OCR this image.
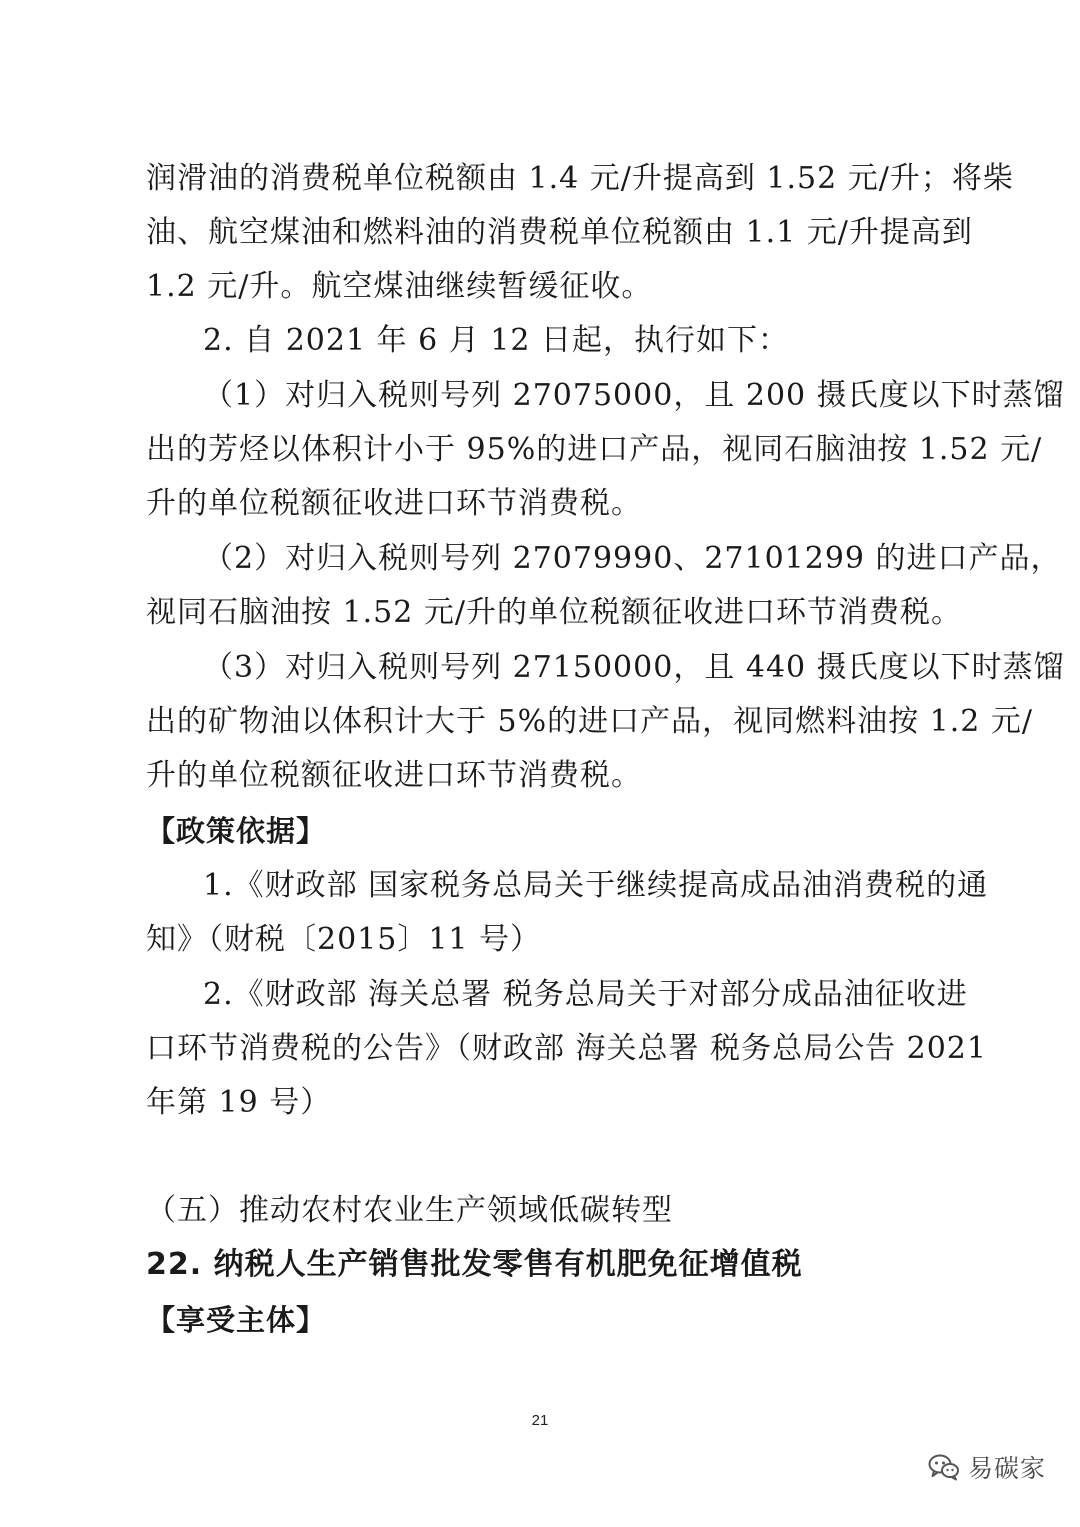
润滑油的消费税单位税额由 1.4 元/升提高到 1.52 元/升；将柴
油、航空煤油和燃料油的消费税单位税额由 1.1 元/升提高到
1.2 元/升。航空煤油继续暂缓征收。
2. 自 2021 年 6 月 12 日起，执行如下：
（1）对归入税则号列 27075000，且 200 摄氏度以下时蒸馏
出的芳烃以体积计小于 95%的进口产品，视同石脑油按 1.52 元/
升的单位税额征收进口环节消费税。
（2）对归入税则号列 27079990、27101299 的进口产品，
视同石脑油按 1.52 元/升的单位税额征收进口环节消费税。
（3）对归入税则号列 27150000，且 440 摄氏度以下时蒸馏
出的矿物油以体积计大于 5%的进口产品，视同燃料油按 1.2 元/
升的单位税额征收进口环节消费税。
【政策依据】
1.《财政部 国家税务总局关于继续提高成品油消费税的通
知》（财税〔2015〕11 号）
2.《财政部 海关总署 税务总局关于对部分成品油征收进
口环节消费税的公告》（财政部 海关总署 税务总局公告 2021
年第 19 号）
（五）推动农村农业生产领域低碳转型
22. 纳税人生产销售批发零售有机肥免征增值税
【享受主体】
21
易碳家
